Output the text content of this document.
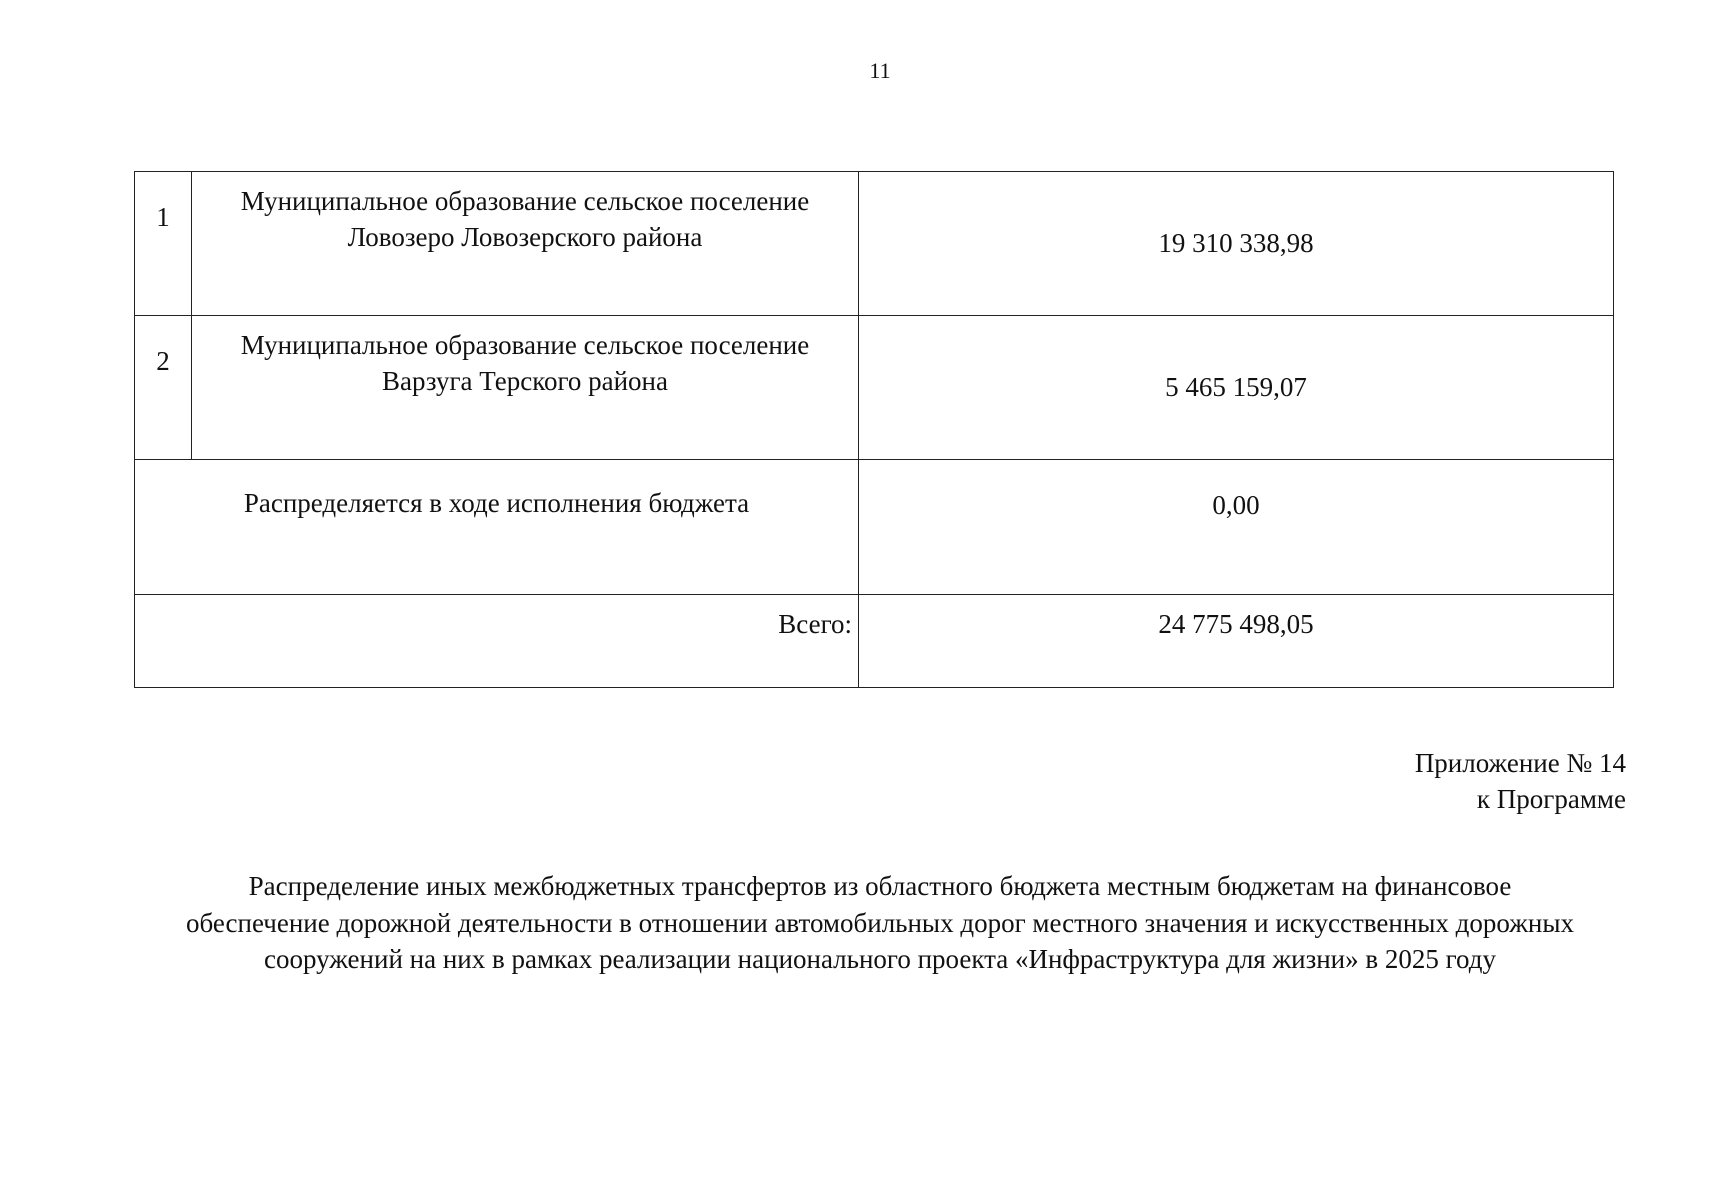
11
1	Муниципальное образование сельское поселение
Ловозеро Ловозерского района	19 310 338,98
2	Муниципальное образование сельское поселение
Варзуга Терского района	5 465 159,07
Распределяется в ходе исполнения бюджета		0,00
Всего:		24 775 498,05
Приложение № 14
к Программе
Распределение иных межбюджетных трансфертов из областного бюджета местным бюджетам на финансовое
обеспечение дорожной деятельности в отношении автомобильных дорог местного значения и искусственных дорожных
сооружений на них в рамках реализации национального проекта «Инфраструктура для жизни» в 2025 году
